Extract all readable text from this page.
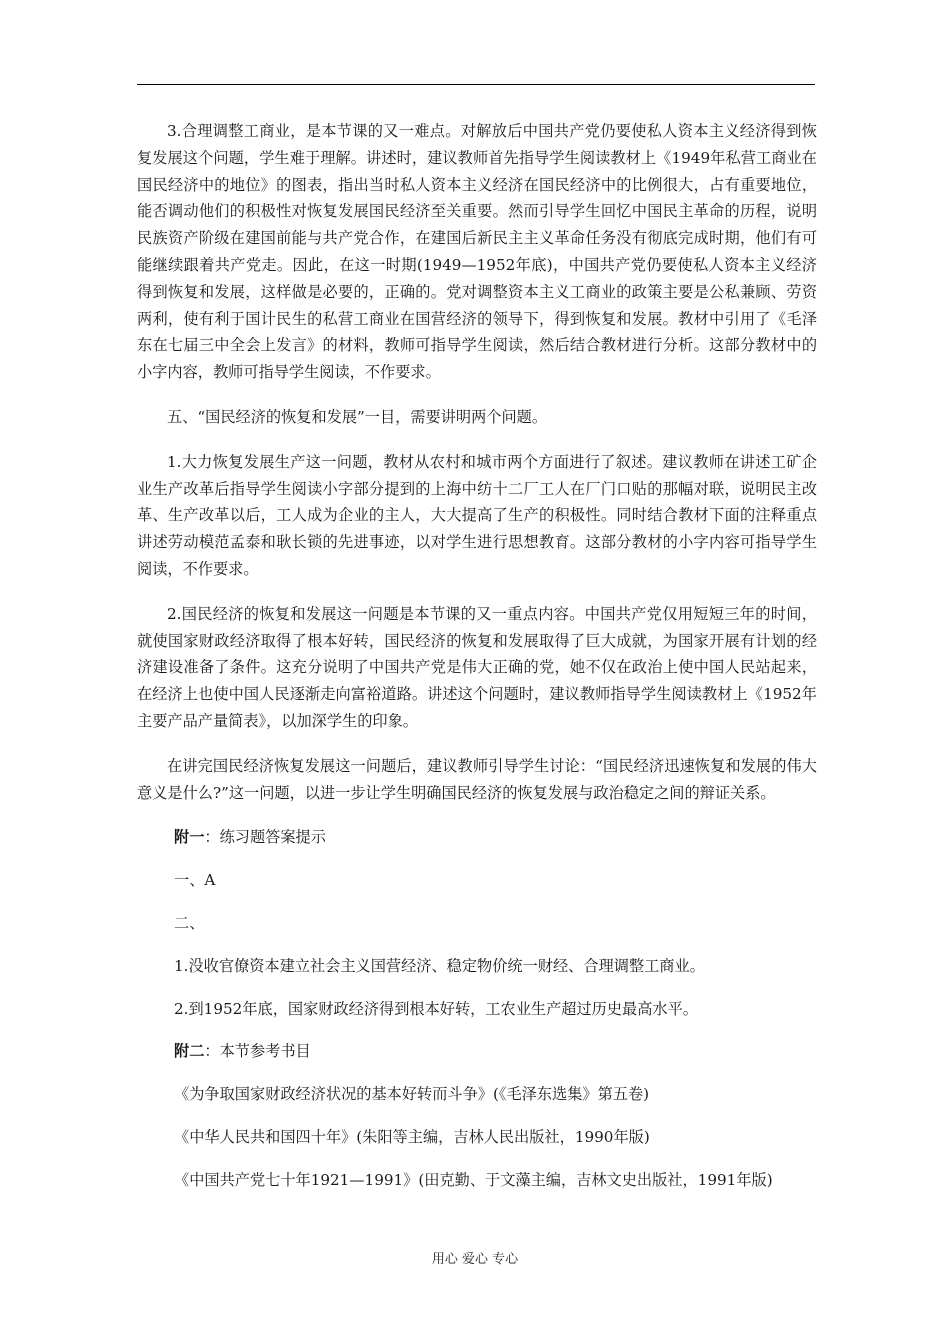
3.合理调整工商业，是本节课的又一难点。对解放后中国共产党仍要使私人资本主义经济得到恢复发展这个问题，学生难于理解。讲述时，建议教师首先指导学生阅读教材上《1949年私营工商业在国民经济中的地位》的图表，指出当时私人资本主义经济在国民经济中的比例很大，占有重要地位，能否调动他们的积极性对恢复发展国民经济至关重要。然而引导学生回忆中国民主革命的历程，说明民族资产阶级在建国前能与共产党合作，在建国后新民主主义革命任务没有彻底完成时期，他们有可能继续跟着共产党走。因此，在这一时期(1949—1952年底)，中国共产党仍要使私人资本主义经济得到恢复和发展，这样做是必要的，正确的。党对调整资本主义工商业的政策主要是公私兼顾、劳资两利，使有利于国计民生的私营工商业在国营经济的领导下，得到恢复和发展。教材中引用了《毛泽东在七届三中全会上发言》的材料，教师可指导学生阅读，然后结合教材进行分析。这部分教材中的小字内容，教师可指导学生阅读，不作要求。

五、“国民经济的恢复和发展”一目，需要讲明两个问题。

1.大力恢复发展生产这一问题，教材从农村和城市两个方面进行了叙述。建议教师在讲述工矿企业生产改革后指导学生阅读小字部分提到的上海中纺十二厂工人在厂门口贴的那幅对联，说明民主改革、生产改革以后，工人成为企业的主人，大大提高了生产的积极性。同时结合教材下面的注释重点讲述劳动模范孟泰和耿长锁的先进事迹，以对学生进行思想教育。这部分教材的小字内容可指导学生阅读，不作要求。

2.国民经济的恢复和发展这一问题是本节课的又一重点内容。中国共产党仅用短短三年的时间，就使国家财政经济取得了根本好转，国民经济的恢复和发展取得了巨大成就，为国家开展有计划的经济建设准备了条件。这充分说明了中国共产党是伟大正确的党，她不仅在政治上使中国人民站起来，在经济上也使中国人民逐渐走向富裕道路。讲述这个问题时，建议教师指导学生阅读教材上《1952年主要产品产量简表》，以加深学生的印象。

在讲完国民经济恢复发展这一问题后，建议教师引导学生讨论：“国民经济迅速恢复和发展的伟大意义是什么?”这一问题，以进一步让学生明确国民经济的恢复发展与政治稳定之间的辩证关系。

附一：练习题答案提示

一、A

二、

1.没收官僚资本建立社会主义国营经济、稳定物价统一财经、合理调整工商业。

2.到1952年底，国家财政经济得到根本好转，工农业生产超过历史最高水平。

附二：本节参考书目

《为争取国家财政经济状况的基本好转而斗争》(《毛泽东选集》第五卷)

《中华人民共和国四十年》(朱阳等主编，吉林人民出版社，1990年版)

《中国共产党七十年1921—1991》(田克勤、于文藻主编，吉林文史出版社，1991年版)

用心 爱心 专心
